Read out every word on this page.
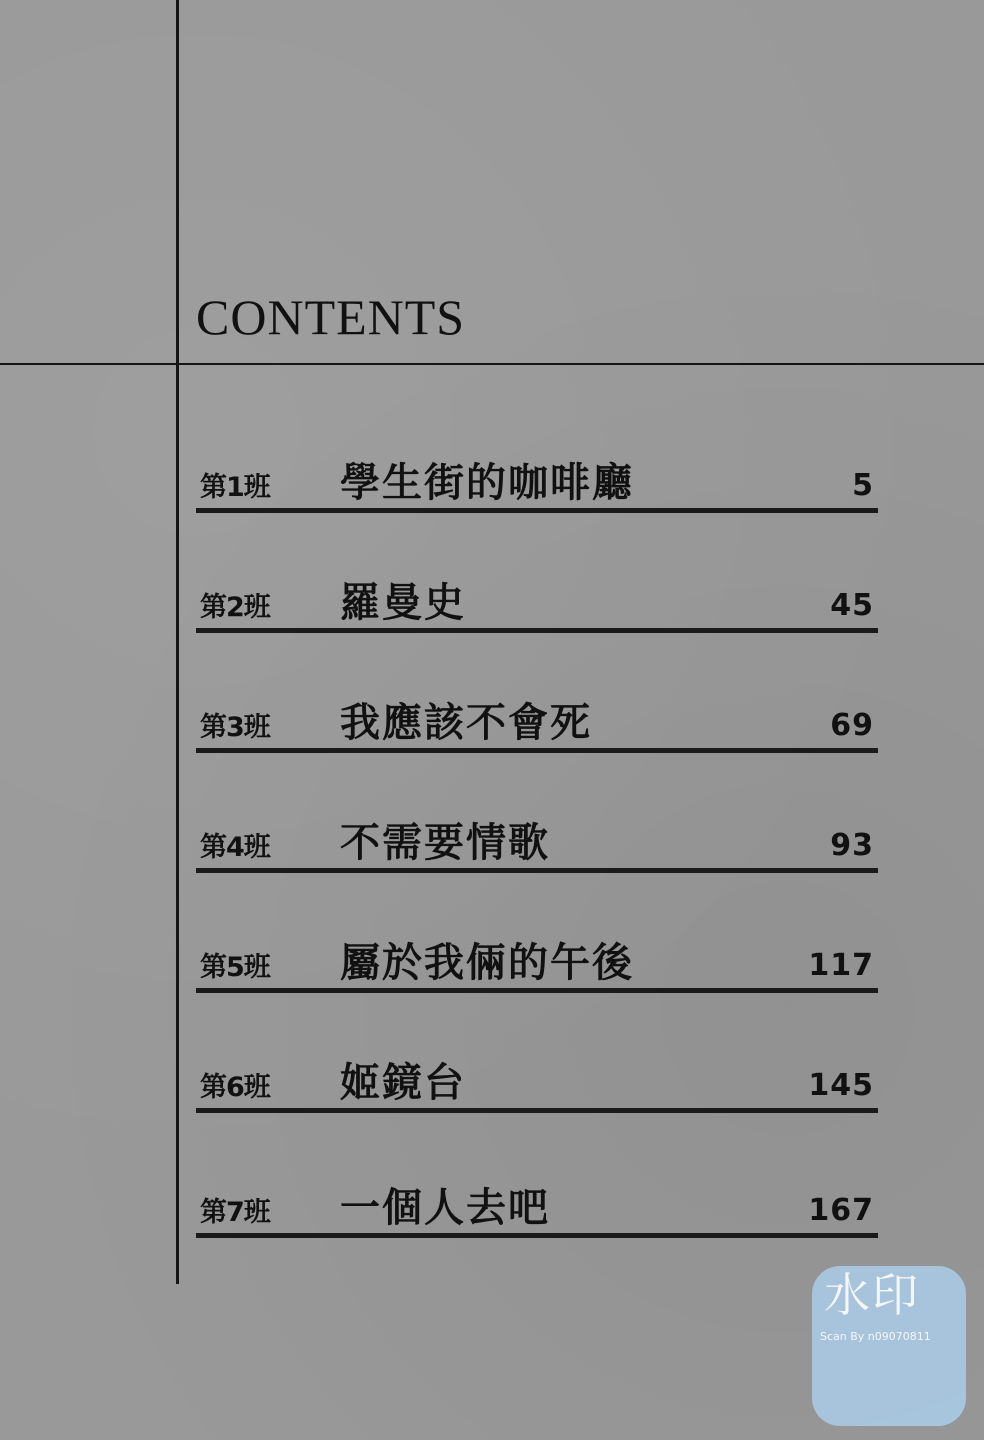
CONTENTS
第1班 學生街的咖啡廳	5
第2班 羅曼史	45
第3班 我應該不會死	69
第4班 不需要情歌	93
第5班 屬於我倆的午後	117
第6班 姬鏡台	145
第7班 一個人去吧	167
水印
Scan By n09070811
